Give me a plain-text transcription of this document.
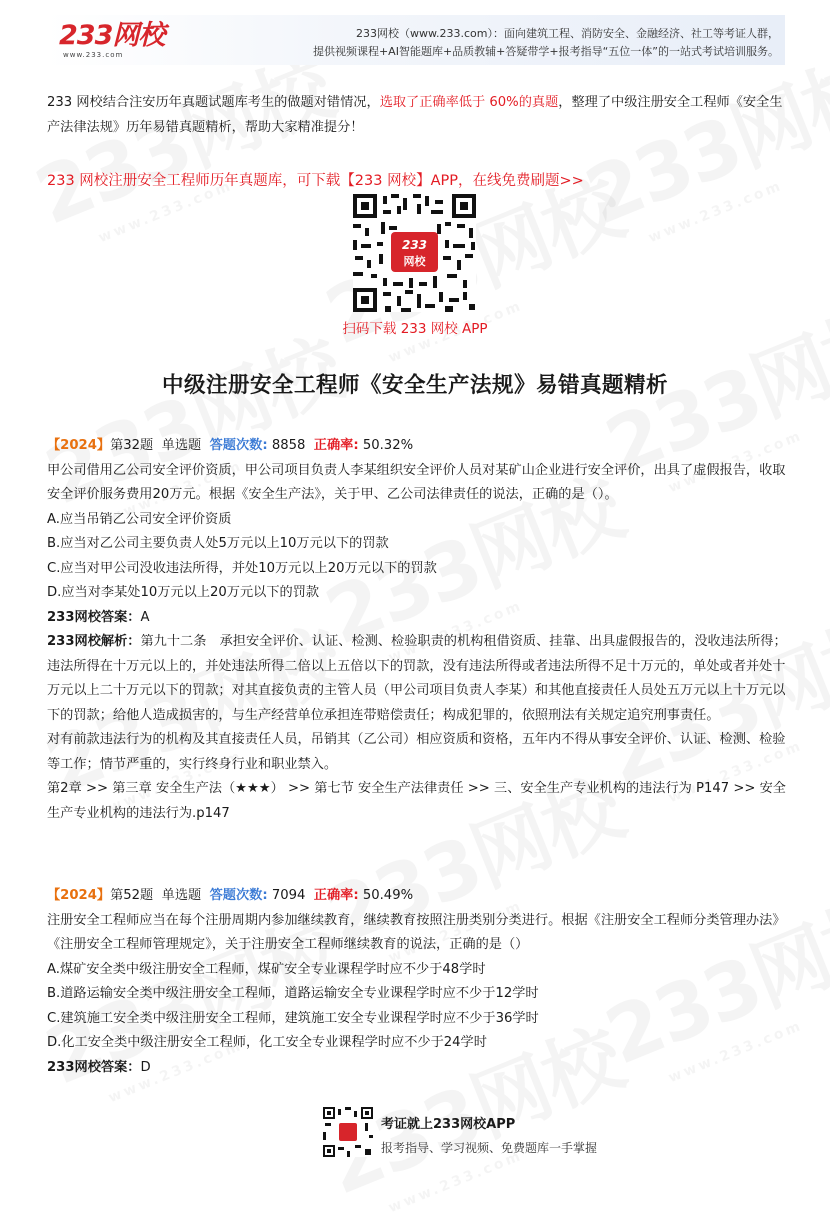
233网校
www.233.com
233网校（www.233.com）：面向建筑工程、消防安全、金融经济、社工等考证人群，
提供视频课程+AI智能题库+品质教辅+答疑带学+报考指导“五位一体”的一站式考试培训服务。
233 网校结合注安历年真题试题库考生的做题对错情况，选取了正确率低于 60%的真题，整理了中级注册安全工程师《安全生产法律法规》历年易错真题精析，帮助大家精准提分！
233 网校注册安全工程师历年真题库，可下载【233 网校】APP，在线免费刷题>>
233
网校
扫码下载 233 网校 APP
中级注册安全工程师《安全生产法规》易错真题精析

【2024】第32题 单选题 答题次数: 8858 正确率: 50.32%

甲公司借用乙公司安全评价资质，甲公司项目负责人李某组织安全评价人员对某矿山企业进行安全评价，出具了虚假报告，收取安全评价服务费用20万元。根据《安全生产法》，关于甲、乙公司法律责任的说法，正确的是（）。

A.应当吊销乙公司安全评价资质

B.应当对乙公司主要负责人处5万元以上10万元以下的罚款

C.应当对甲公司没收违法所得，并处10万元以上20万元以下的罚款

D.应当对李某处10万元以上20万元以下的罚款

233网校答案：A

233网校解析：第九十二条　承担安全评价、认证、检测、检验职责的机构租借资质、挂靠、出具虚假报告的，没收违法所得；违法所得在十万元以上的，并处违法所得二倍以上五倍以下的罚款，没有违法所得或者违法所得不足十万元的，单处或者并处十万元以上二十万元以下的罚款；对其直接负责的主管人员（甲公司项目负责人李某）和其他直接责任人员处五万元以上十万元以下的罚款；给他人造成损害的，与生产经营单位承担连带赔偿责任；构成犯罪的，依照刑法有关规定追究刑事责任。

对有前款违法行为的机构及其直接责任人员，吊销其（乙公司）相应资质和资格，五年内不得从事安全评价、认证、检测、检验等工作；情节严重的，实行终身行业和职业禁入。

第2章 >> 第三章 安全生产法（★★★） >> 第七节 安全生产法律责任 >> 三、安全生产专业机构的违法行为 P147 >> 安全生产专业机构的违法行为.p147

【2024】第52题 单选题 答题次数: 7094 正确率: 50.49%

注册安全工程师应当在每个注册周期内参加继续教育，继续教育按照注册类别分类进行。根据《注册安全工程师分类管理办法》《注册安全工程师管理规定》，关于注册安全工程师继续教育的说法，正确的是（）

A.煤矿安全类中级注册安全工程师，煤矿安全专业课程学时应不少于48学时

B.道路运输安全类中级注册安全工程师，道路运输安全专业课程学时应不少于12学时

C.建筑施工安全类中级注册安全工程师，建筑施工安全专业课程学时应不少于36学时

D.化工安全类中级注册安全工程师，化工安全专业课程学时应不少于24学时

233网校答案：D

考证就上233网校APP
报考指导、学习视频、免费题库一手掌握
